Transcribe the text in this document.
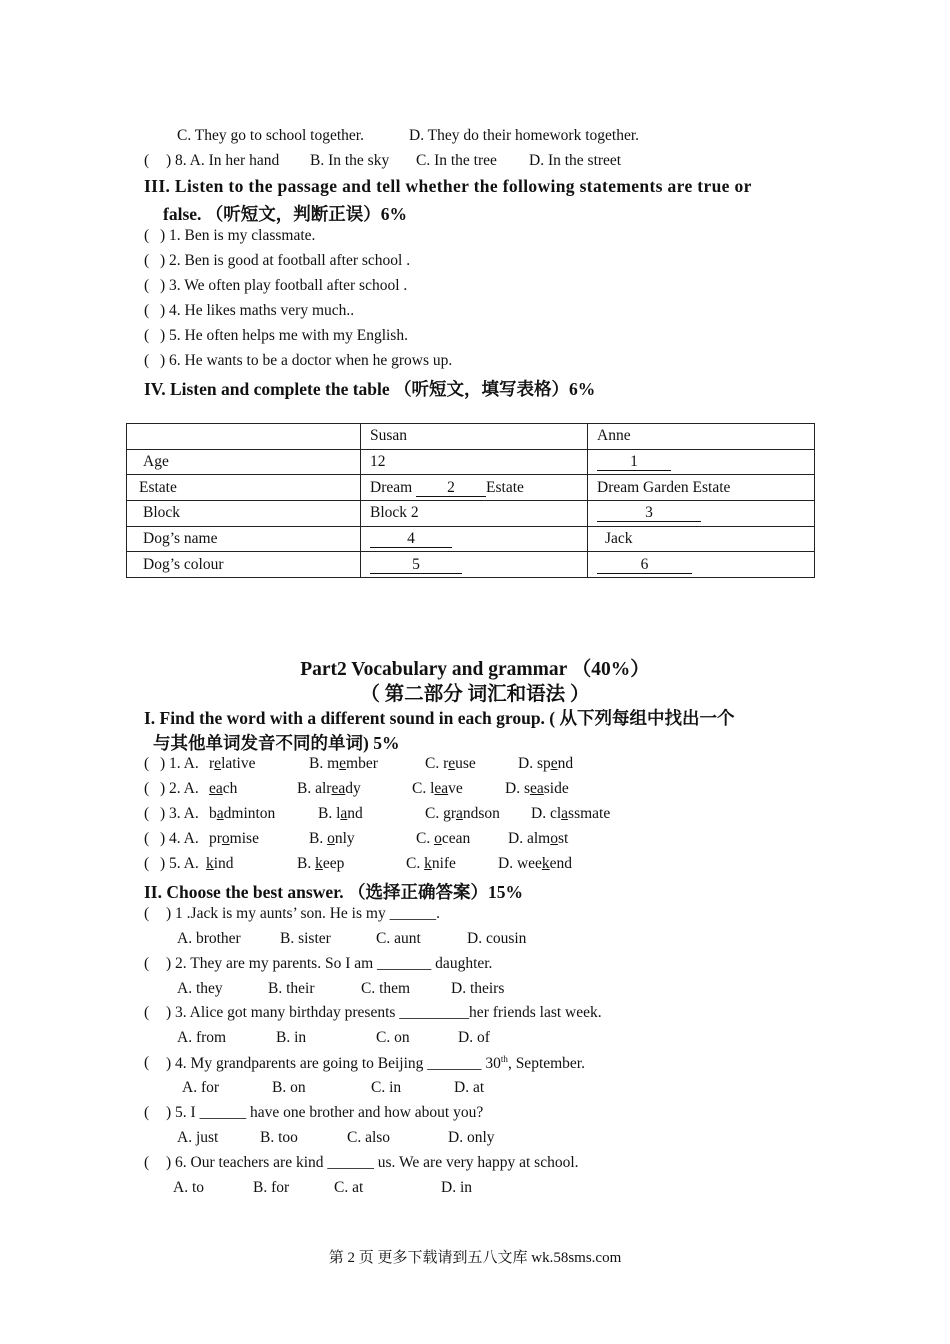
C. They go to school together.	D. They do their homework together.
( ) 8. A. In her hand B. In the sky C. In the tree D. In the street
III. Listen to the passage and tell whether the following statements are true or
false. （听短文，判断正误）6%
( ) 1. Ben is my classmate.
( ) 2. Ben is good at football after school .
( ) 3. We often play football after school .
( ) 4. He likes maths very much..
( ) 5. He often helps me with my English.
( ) 6. He wants to be a doctor when he grows up.
IV. Listen and complete the table （听短文，填写表格）6%
	Susan	Anne
Age	12	1
Estate	Dream 2 Estate	Dream Garden Estate
Block	Block 2	3
Dog’s name	4	Jack
Dog’s colour	5	6
Part2 Vocabulary and grammar （40%）
（ 第二部分 词汇和语法 ）
I. Find the word with a different sound in each group. ( 从下列每组中找出一个
与其他单词发音不同的单词) 5%
( ) 1. A. relative	B. member	C. reuse	D. spend
( ) 2. A. each	B. already	C. leave	D. seaside
( ) 3. A. badminton	B. land	C. grandson D. classmate
( ) 4. A. promise	B. only	C. ocean D. almost
( ) 5. A. kind	B. keep	C. knife	D. weekend
II. Choose the best answer. （选择正确答案）15%
( ) 1 .Jack is my aunts’ son. He is my ______.
A. brother	B. sister	C. aunt	D. cousin
( ) 2. They are my parents. So I am _______ daughter.
A. they	B. their	C. them	D. theirs
( ) 3. Alice got many birthday presents _________her friends last week.
A. from	B. in	C. on	D. of
( ) 4. My grandparents are going to Beijing _______ 30th, September.
A. for	B. on	C. in	D. at
( ) 5. I ______ have one brother and how about you?
A. just	B. too	C. also	D. only
( ) 6. Our teachers are kind ______ us. We are very happy at school.
A. to	B. for	C. at	D. in
第 2 页 更多下载请到五八文库 wk.58sms.com
